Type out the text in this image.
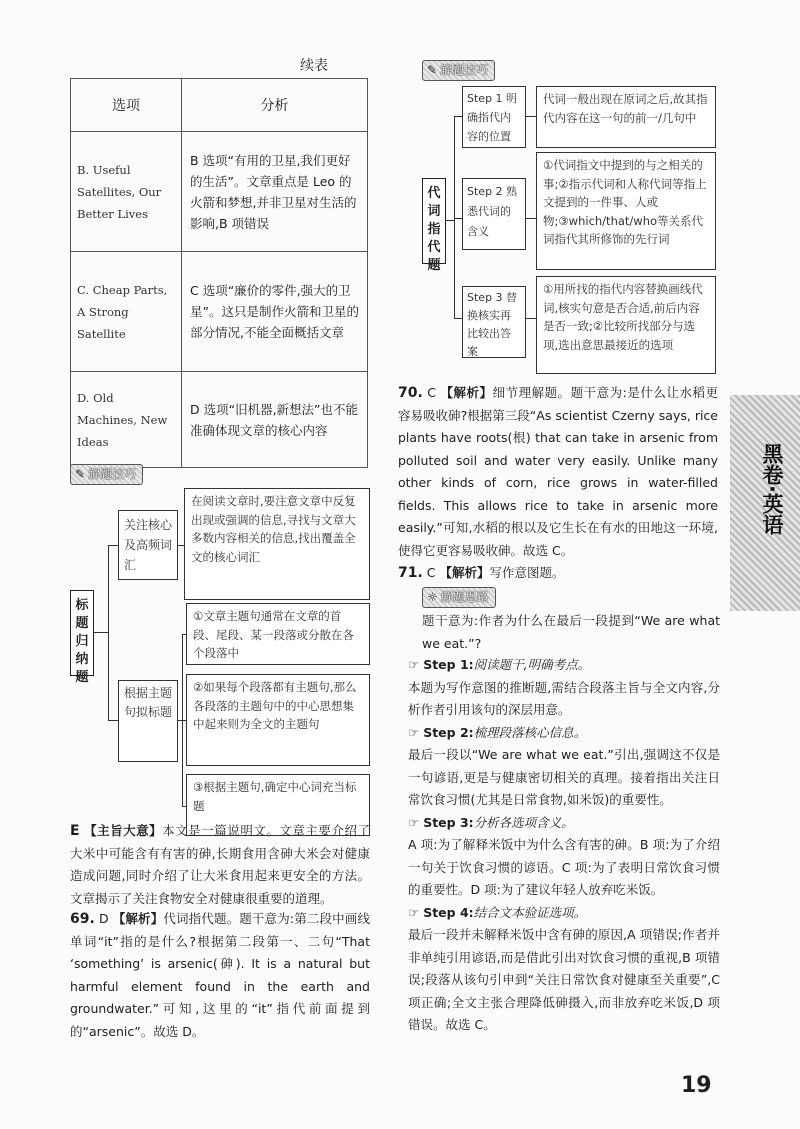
续表
选项	分析
B. Useful Satellites, Our Better Lives	B 选项“有用的卫星,我们更好的生活”。文章重点是 Leo 的火箭和梦想,并非卫星对生活的影响,B 项错误
C. Cheap Parts, A Strong Satellite	C 选项“廉价的零件,强大的卫星”。这只是制作火箭和卫星的部分情况,不能全面概括文章
D. Old Machines, New Ideas	D 选项“旧机器,新想法”也不能准确体现文章的核心内容
✎ 解题技巧
标题归纳题
关注核心及高频词汇
在阅读文章时,要注意文章中反复出现或强调的信息,寻找与文章大多数内容相关的信息,找出覆盖全文的核心词汇
根据主题句拟标题
①文章主题句通常在文章的首段、尾段、某一段落或分散在各个段落中
②如果每个段落都有主题句,那么各段落的主题句中的中心思想集中起来则为全文的主题句
③根据主题句,确定中心词充当标题
E 【主旨大意】本文是一篇说明文。文章主要介绍了大米中可能含有有害的砷,长期食用含砷大米会对健康造成问题,同时介绍了让大米食用起来更安全的方法。文章揭示了关注食物安全对健康很重要的道理。
69. D 【解析】代词指代题。题干意为:第二段中画线单词“it”指的是什么?根据第二段第一、二句“That ‘something’ is arsenic(砷). It is a natural but harmful element found in the earth and groundwater.”可知,这里的“it”指代前面提到的“arsenic”。故选 D。
✎ 解题技巧
代词指代题
Step 1 明确指代内容的位置
代词一般出现在原词之后,故其指代内容在这一句的前一/几句中
Step 2 熟悉代词的含义
①代词指文中提到的与之相关的事;②指示代词和人称代词等指上文提到的一件事、人或物;③which/that/who等关系代词指代其所修饰的先行词
Step 3 替换核实再比较出答案
①用所找的指代内容替换画线代词,核实句意是否合适,前后内容是否一致;②比较所找部分与选项,选出意思最接近的选项
70. C 【解析】细节理解题。题干意为:是什么让水稻更容易吸收砷?根据第三段“As scientist Czerny says, rice plants have roots(根) that can take in arsenic from polluted soil and water very easily. Unlike many other kinds of corn, rice grows in water-filled fields. This allows rice to take in arsenic more easily.”可知,水稻的根以及它生长在有水的田地这一环境,使得它更容易吸收砷。故选 C。
71. C 【解析】写作意图题。
☼ 解题思路
题干意为:作者为什么在最后一段提到“We are what we eat.”?
☞ Step 1:阅读题干,明确考点。
本题为写作意图的推断题,需结合段落主旨与全文内容,分析作者引用该句的深层用意。
☞ Step 2:梳理段落核心信息。
最后一段以“We are what we eat.”引出,强调这不仅是一句谚语,更是与健康密切相关的真理。接着指出关注日常饮食习惯(尤其是日常食物,如米饭)的重要性。
☞ Step 3:分析各选项含义。
A 项:为了解释米饭中为什么含有害的砷。B 项:为了介绍一句关于饮食习惯的谚语。C 项:为了表明日常饮食习惯的重要性。D 项:为了建议年轻人放弃吃米饭。
☞ Step 4:结合文本验证选项。
最后一段并未解释米饭中含有砷的原因,A 项错误;作者并非单纯引用谚语,而是借此引出对饮食习惯的重视,B 项错误;段落从该句引申到“关注日常饮食对健康至关重要”,C 项正确;全文主张合理降低砷摄入,而非放弃吃米饭,D 项错误。故选 C。
黑卷·英语
19
